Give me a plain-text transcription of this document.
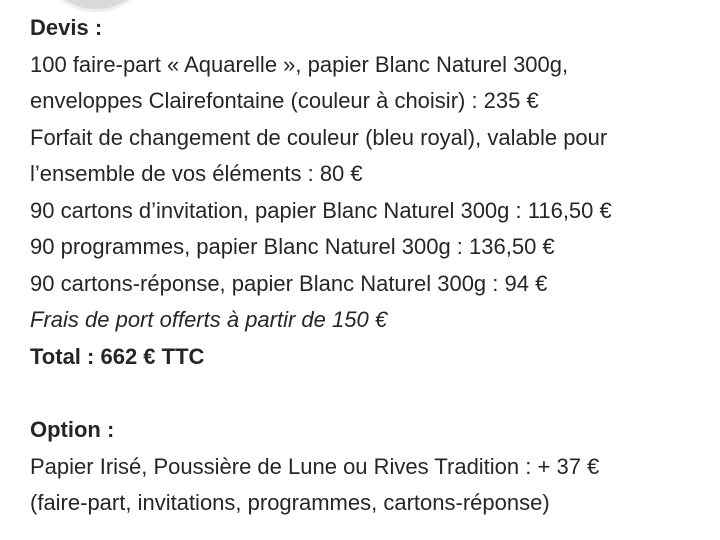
Devis :
100 faire-part « Aquarelle », papier Blanc Naturel 300g,
enveloppes Clairefontaine (couleur à choisir) : 235 €
Forfait de changement de couleur (bleu royal), valable pour
l’ensemble de vos éléments : 80 €
90 cartons d’invitation, papier Blanc Naturel 300g : 116,50 €
90 programmes, papier Blanc Naturel 300g : 136,50 €
90 cartons-réponse, papier Blanc Naturel 300g : 94 €
Frais de port offerts à partir de 150 €
Total : 662 € TTC
Option :
Papier Irisé, Poussière de Lune ou Rives Tradition : + 37 €
(faire-part, invitations, programmes, cartons-réponse)
